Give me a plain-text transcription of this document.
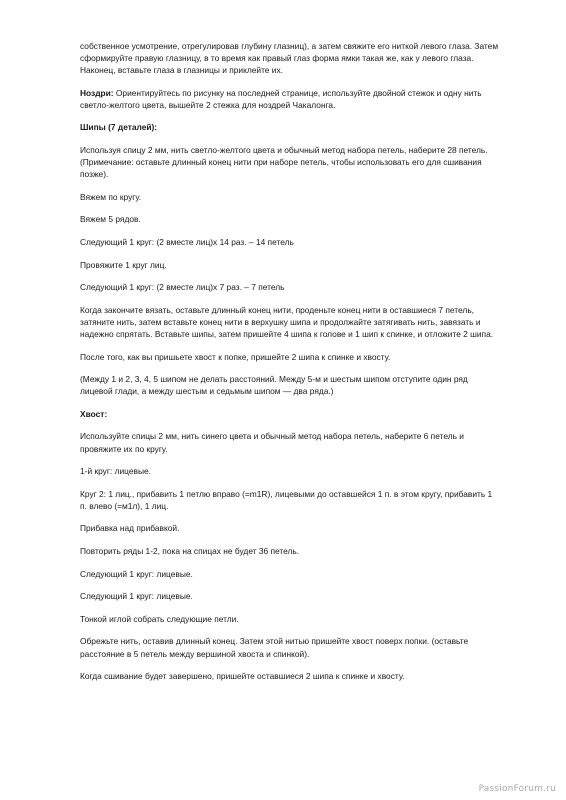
собственное усмотрение, отрегулировав глубину глазниц), а затем свяжите его ниткой левого глаза. Затем сформируйте правую глазницу, в то время как правый глаз форма ямки такая же, как у левого глаза. Наконец, вставьте глаза в глазницы и приклейте их.

Ноздри: Ориентируйтесь по рисунку на последней странице, используйте двойной стежок и одну нить светло-желтого цвета, вышейте 2 стежка для ноздрей Чакалонга.

Шипы (7 деталей):

Используя спицу 2 мм, нить светло-желтого цвета и обычный метод набора петель, наберите 28 петель. (Примечание: оставьте длинный конец нити при наборе петель, чтобы использовать его для сшивания позже).

Вяжем по кругу.

Вяжем 5 рядов.

Следующий 1 круг: (2 вместе лиц)х 14 раз. – 14 петель

Провяжите 1 круг лиц.

Следующий 1 круг: (2 вместе лиц)х 7 раз. – 7 петель

Когда закончите вязать, оставьте длинный конец нити, проденьте конец нити в оставшиеся 7 петель, затяните нить, затем вставьте конец нити в верхушку шипа и продолжайте затягивать нить, завязать и надежно спрятать. Вставьте шипы, затем пришейте 4 шипа к голове и 1 шип к спинке, и отложите 2 шипа.

После того, как вы пришьете хвост к попке, пришейте 2 шипа к спинке и хвосту.

(Между 1 и 2, 3, 4, 5 шипом не делать расстояний. Между 5-м и шестым шипом отступите один ряд лицевой глади, а между шестым и седьмым шипом — два ряда.)

Хвост:

Используйте спицы 2 мм, нить синего цвета и обычный метод набора петель, наберите 6 петель и провяжите их по кругу.

1-й круг: лицевые.

Круг 2: 1 лиц., прибавить 1 петлю вправо (=m1R), лицевыми до оставшейся 1 п. в этом кругу, прибавить 1 п. влево (=м1л), 1 лиц.

Прибавка над прибавкой.

Повторить ряды 1-2, пока на спицах не будет 36 петель.

Следующий 1 круг: лицевые.

Следующий 1 круг: лицевые.

Тонкой иглой собрать следующие петли.

Обрежьте нить, оставив длинный конец. Затем этой нитью пришейте хвост поверх попки. (оставьте расстояние в 5 петель между вершиной хвоста и спинкой).

Когда сшивание будет завершено, пришейте оставшиеся 2 шипа к спинке и хвосту.

PassionForum.ru
